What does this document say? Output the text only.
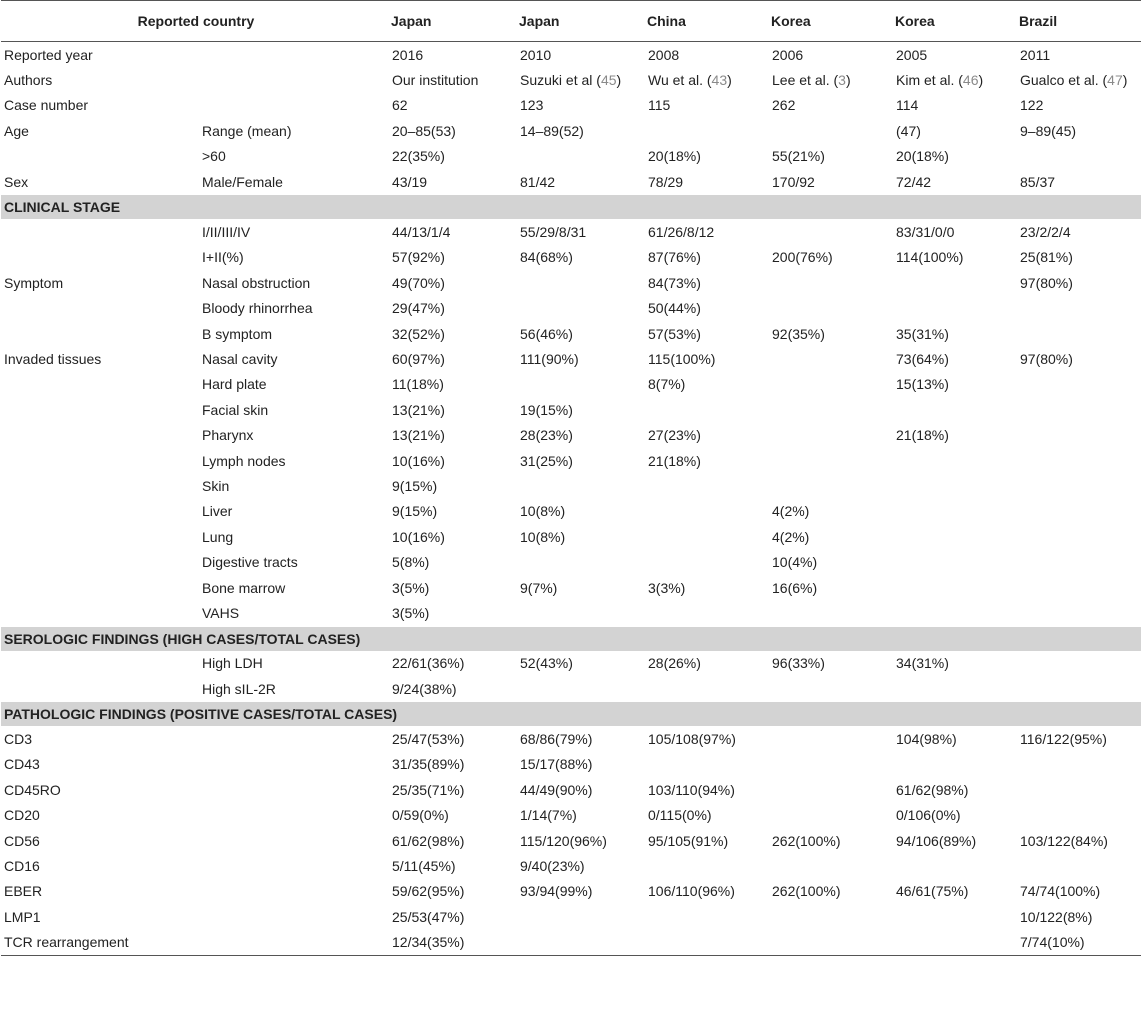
Reported country		Japan	Japan	China	Korea	Korea	Brazil
Reported year		2016	2010	2008	2006	2005	2011
Authors		Our institution	Suzuki et al (45)	Wu et al. (43)	Lee et al. (3)	Kim et al. (46)	Gualco et al. (47)
Case number		62	123	115	262	114	122
Age	Range (mean)	20–85(53)	14–89(52)			(47)	9–89(45)
	>60	22(35%)		20(18%)	55(21%)	20(18%)	
Sex	Male/Female	43/19	81/42	78/29	170/92	72/42	85/37
CLINICAL STAGE							
	I/II/III/IV	44/13/1/4	55/29/8/31	61/26/8/12		83/31/0/0	23/2/2/4
	I+II(%)	57(92%)	84(68%)	87(76%)	200(76%)	114(100%)	25(81%)
Symptom	Nasal obstruction	49(70%)		84(73%)			97(80%)
	Bloody rhinorrhea	29(47%)		50(44%)			
	B symptom	32(52%)	56(46%)	57(53%)	92(35%)	35(31%)	
Invaded tissues	Nasal cavity	60(97%)	111(90%)	115(100%)		73(64%)	97(80%)
	Hard plate	11(18%)		8(7%)		15(13%)	
	Facial skin	13(21%)	19(15%)				
	Pharynx	13(21%)	28(23%)	27(23%)		21(18%)	
	Lymph nodes	10(16%)	31(25%)	21(18%)			
	Skin	9(15%)					
	Liver	9(15%)	10(8%)		4(2%)		
	Lung	10(16%)	10(8%)		4(2%)		
	Digestive tracts	5(8%)			10(4%)		
	Bone marrow	3(5%)	9(7%)	3(3%)	16(6%)		
	VAHS	3(5%)					
SEROLOGIC FINDINGS (HIGH CASES/TOTAL CASES)							
	High LDH	22/61(36%)	52(43%)	28(26%)	96(33%)	34(31%)	
	High sIL-2R	9/24(38%)					
PATHOLOGIC FINDINGS (POSITIVE CASES/TOTAL CASES)							
CD3		25/47(53%)	68/86(79%)	105/108(97%)		104(98%)	116/122(95%)
CD43		31/35(89%)	15/17(88%)				
CD45RO		25/35(71%)	44/49(90%)	103/110(94%)		61/62(98%)	
CD20		0/59(0%)	1/14(7%)	0/115(0%)		0/106(0%)	
CD56		61/62(98%)	115/120(96%)	95/105(91%)	262(100%)	94/106(89%)	103/122(84%)
CD16		5/11(45%)	9/40(23%)				
EBER		59/62(95%)	93/94(99%)	106/110(96%)	262(100%)	46/61(75%)	74/74(100%)
LMP1		25/53(47%)					10/122(8%)
TCR rearrangement		12/34(35%)					7/74(10%)
